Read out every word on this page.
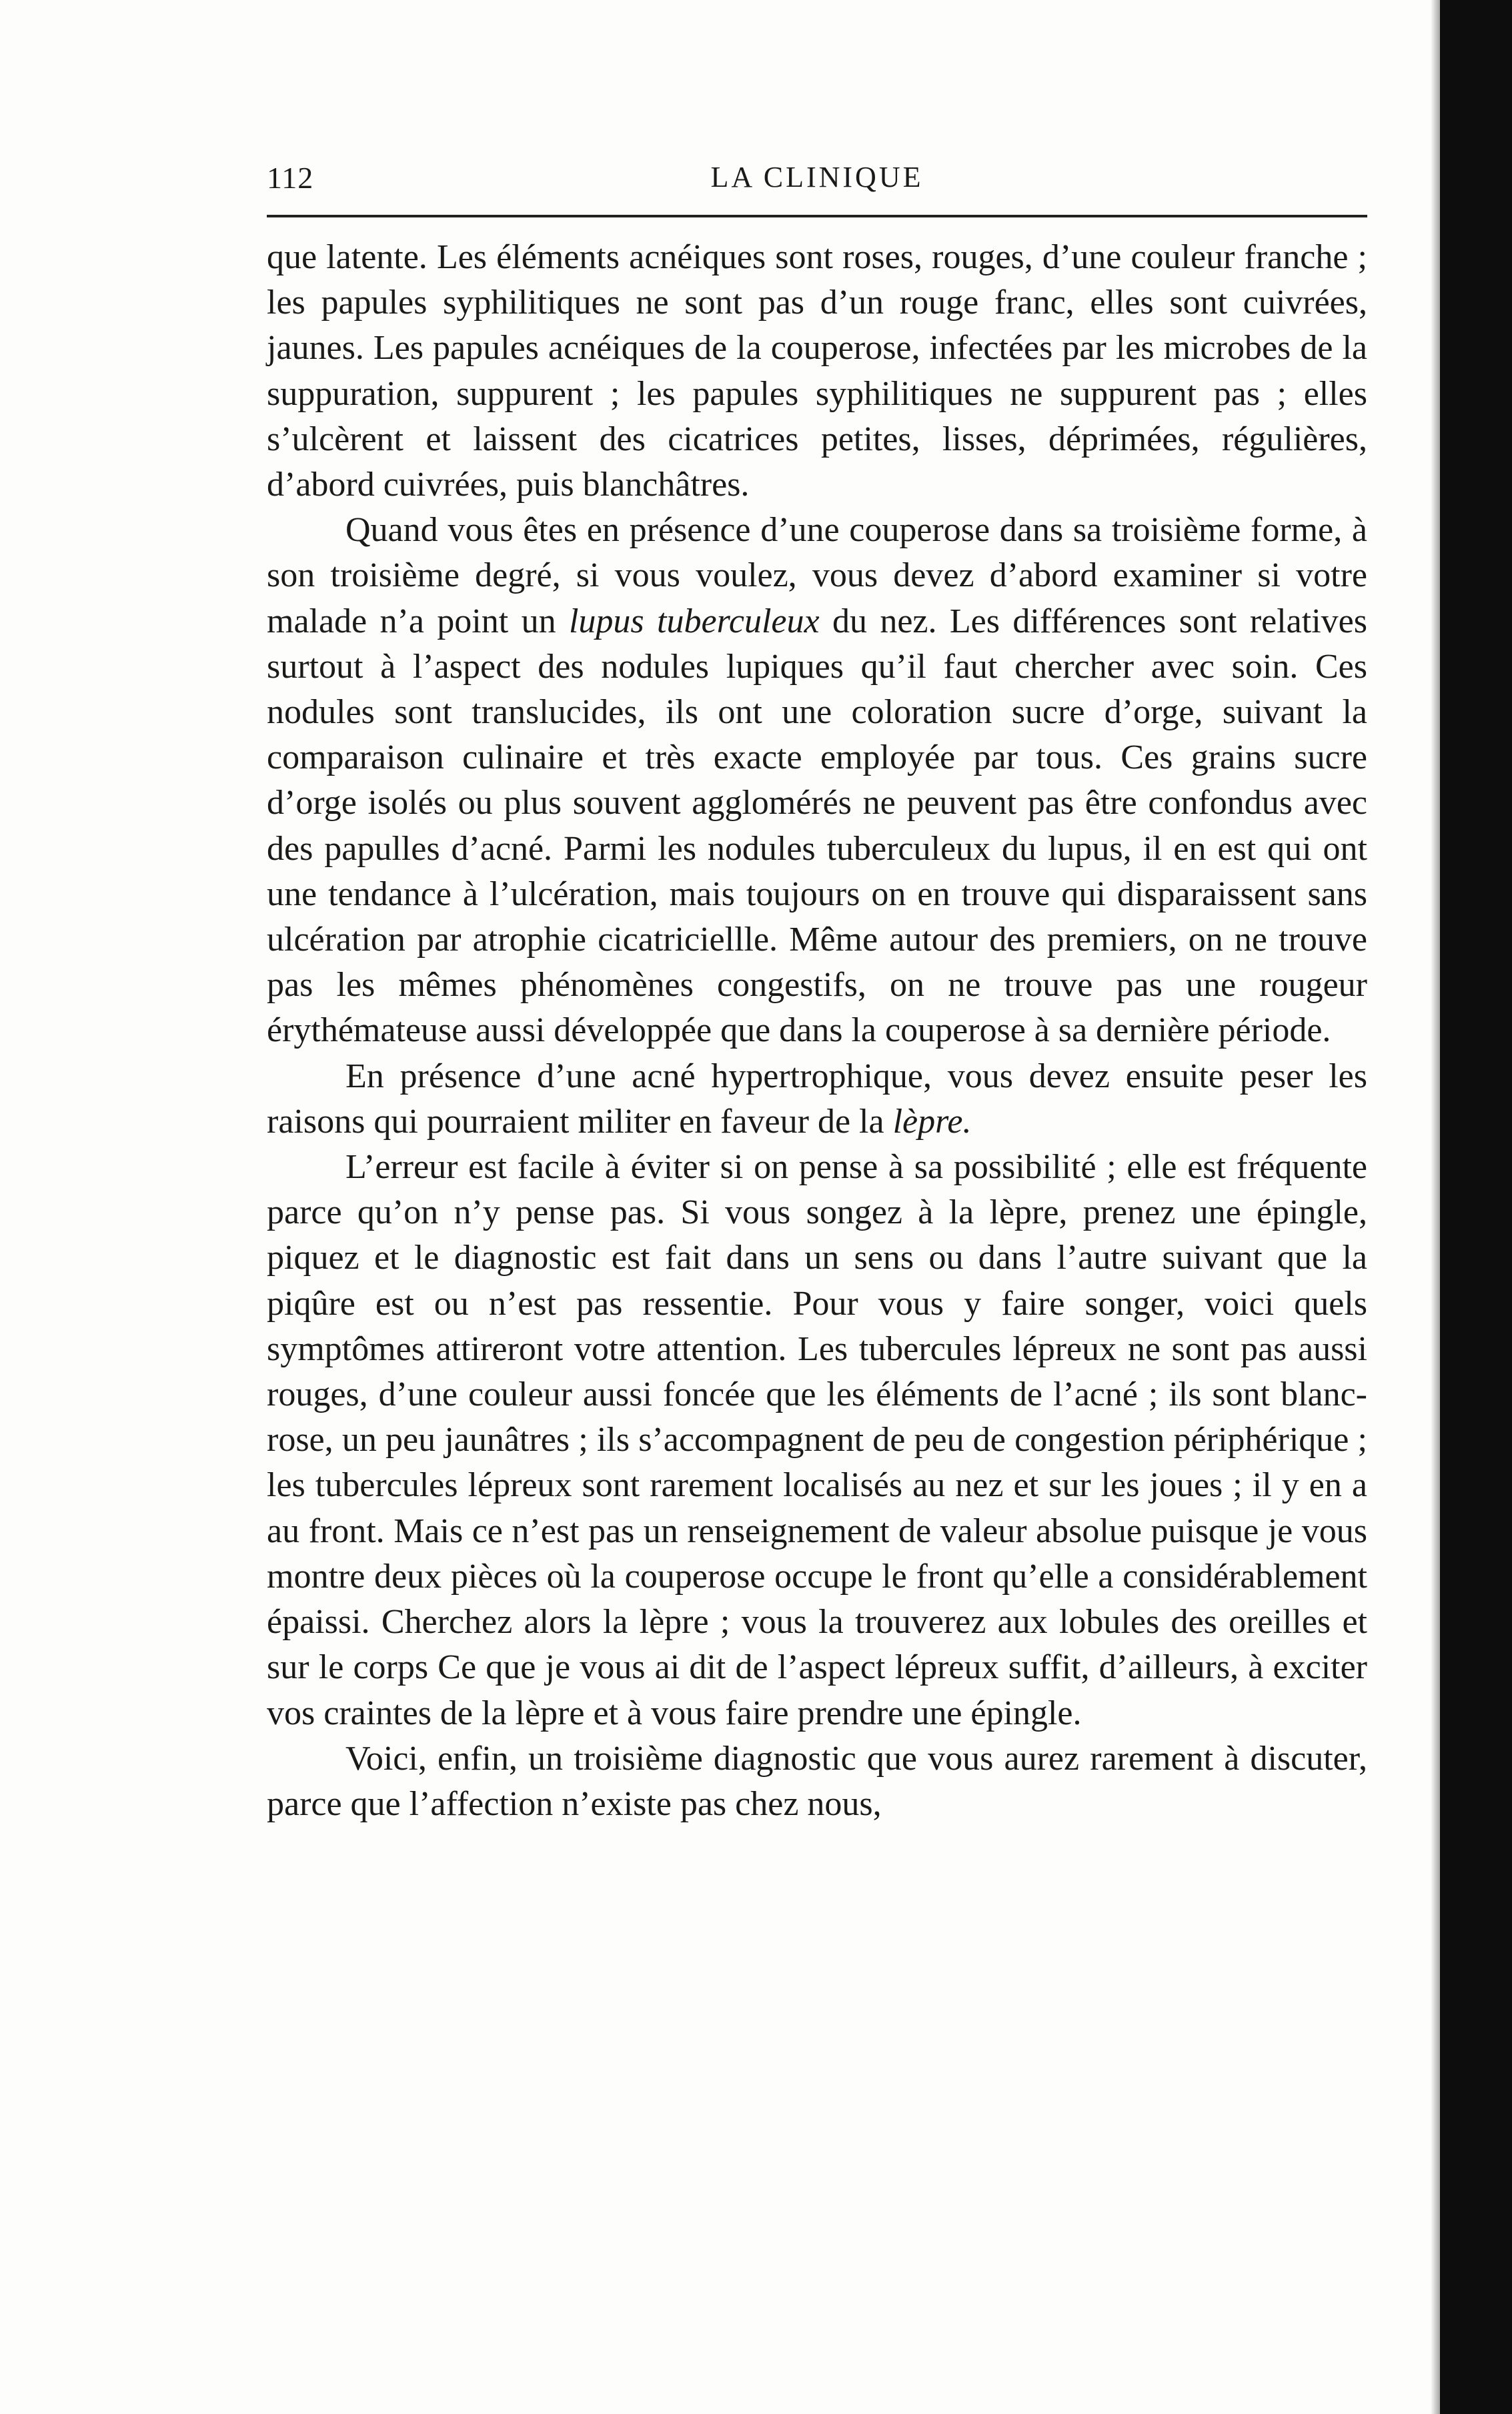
112	LA CLINIQUE

que latente. Les éléments acnéiques sont roses, rouges, d’une couleur franche ; les papules syphilitiques ne sont pas d’un rouge franc, elles sont cuivrées, jaunes. Les papules acnéiques de la couperose, infectées par les microbes de la suppuration, suppurent ; les papules syphilitiques ne suppurent pas ; elles s’ulcèrent et laissent des cicatrices petites, lisses, déprimées, régulières, d’abord cuivrées, puis blanchâtres.

Quand vous êtes en présence d’une couperose dans sa troisième forme, à son troisième degré, si vous voulez, vous devez d’abord examiner si votre malade n’a point un lupus tuberculeux du nez. Les différences sont relatives surtout à l’aspect des nodules lupiques qu’il faut chercher avec soin. Ces nodules sont translucides, ils ont une coloration sucre d’orge, suivant la comparaison culinaire et très exacte employée par tous. Ces grains sucre d’orge isolés ou plus souvent agglomérés ne peuvent pas être confondus avec des papulles d’acné. Parmi les nodules tuberculeux du lupus, il en est qui ont une tendance à l’ulcération, mais toujours on en trouve qui disparaissent sans ulcération par atrophie cicatriciellle. Même autour des premiers, on ne trouve pas les mêmes phénomènes congestifs, on ne trouve pas une rougeur érythémateuse aussi développée que dans la couperose à sa dernière période.

En présence d’une acné hypertrophique, vous devez ensuite peser les raisons qui pourraient militer en faveur de la lèpre.

L’erreur est facile à éviter si on pense à sa possibilité ; elle est fréquente parce qu’on n’y pense pas. Si vous songez à la lèpre, prenez une épingle, piquez et le diagnostic est fait dans un sens ou dans l’autre suivant que la piqûre est ou n’est pas ressentie. Pour vous y faire songer, voici quels symptômes attireront votre attention. Les tubercules lépreux ne sont pas aussi rouges, d’une couleur aussi foncée que les éléments de l’acné ; ils sont blanc-rose, un peu jaunâtres ; ils s’accompagnent de peu de congestion périphérique ; les tubercules lépreux sont rarement localisés au nez et sur les joues ; il y en a au front. Mais ce n’est pas un renseignement de valeur absolue puisque je vous montre deux pièces où la couperose occupe le front qu’elle a considérablement épaissi. Cherchez alors la lèpre ; vous la trouverez aux lobules des oreilles et sur le corps Ce que je vous ai dit de l’aspect lépreux suffit, d’ailleurs, à exciter vos craintes de la lèpre et à vous faire prendre une épingle.

Voici, enfin, un troisième diagnostic que vous aurez rarement à discuter, parce que l’affection n’existe pas chez nous,
